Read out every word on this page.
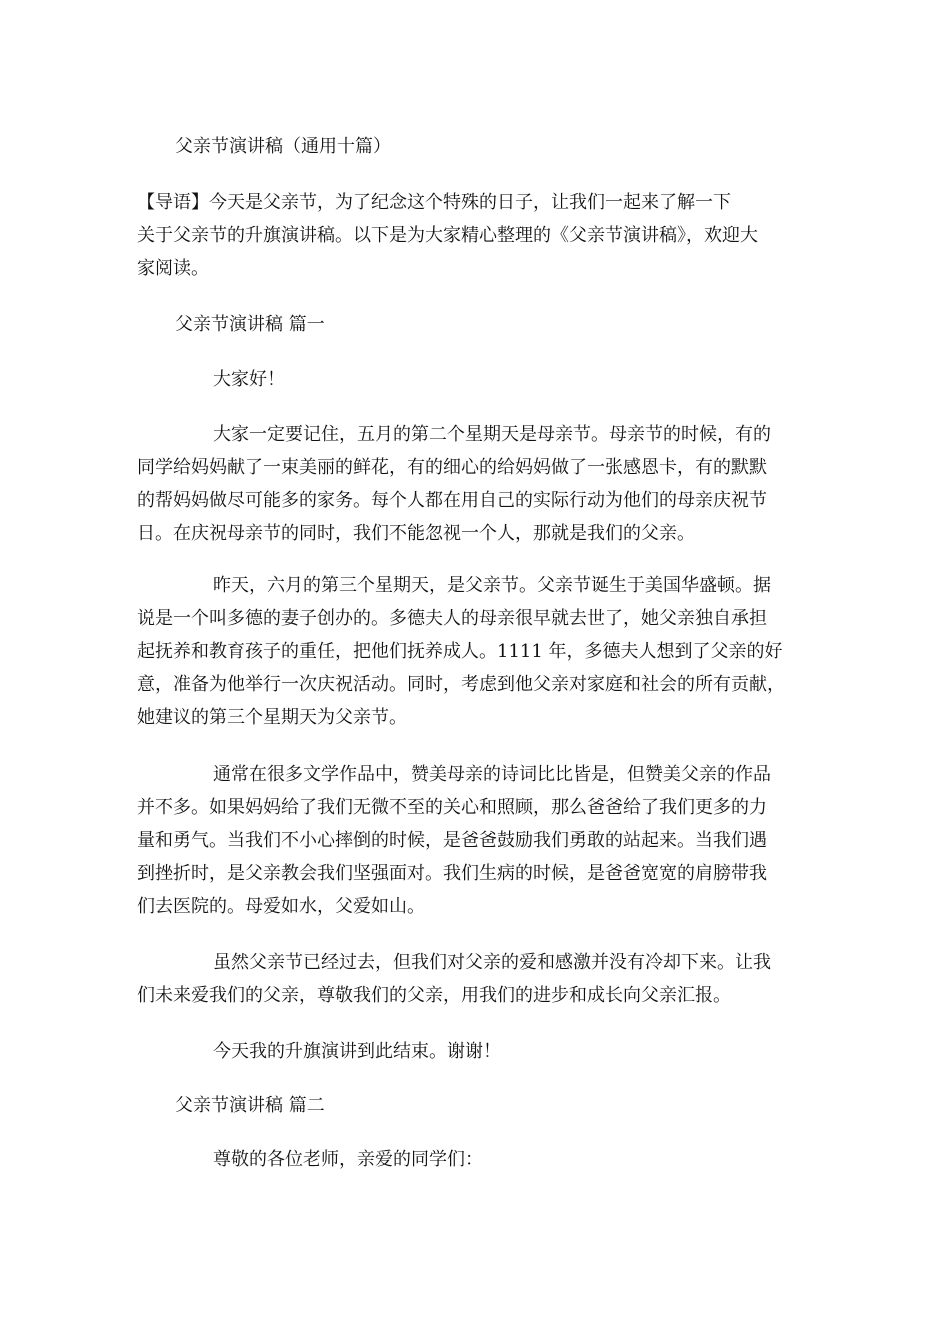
父亲节演讲稿（通用十篇）
【导语】今天是父亲节，为了纪念这个特殊的日子，让我们一起来了解一下
关于父亲节的升旗演讲稿。以下是为大家精心整理的《父亲节演讲稿》，欢迎大
家阅读。
父亲节演讲稿 篇一
大家好！
大家一定要记住，五月的第二个星期天是母亲节。母亲节的时候，有的
同学给妈妈献了一束美丽的鲜花，有的细心的给妈妈做了一张感恩卡，有的默默
的帮妈妈做尽可能多的家务。每个人都在用自己的实际行动为他们的母亲庆祝节
日。在庆祝母亲节的同时，我们不能忽视一个人，那就是我们的父亲。
昨天，六月的第三个星期天，是父亲节。父亲节诞生于美国华盛顿。据
说是一个叫多德的妻子创办的。多德夫人的母亲很早就去世了，她父亲独自承担
起抚养和教育孩子的重任，把他们抚养成人。1111 年，多德夫人想到了父亲的好
意，准备为他举行一次庆祝活动。同时，考虑到他父亲对家庭和社会的所有贡献，
她建议的第三个星期天为父亲节。
通常在很多文学作品中，赞美母亲的诗词比比皆是，但赞美父亲的作品
并不多。如果妈妈给了我们无微不至的关心和照顾，那么爸爸给了我们更多的力
量和勇气。当我们不小心摔倒的时候，是爸爸鼓励我们勇敢的站起来。当我们遇
到挫折时，是父亲教会我们坚强面对。我们生病的时候，是爸爸宽宽的肩膀带我
们去医院的。母爱如水，父爱如山。
虽然父亲节已经过去，但我们对父亲的爱和感激并没有冷却下来。让我
们未来爱我们的父亲，尊敬我们的父亲，用我们的进步和成长向父亲汇报。
今天我的升旗演讲到此结束。谢谢！
父亲节演讲稿 篇二
尊敬的各位老师，亲爱的同学们：
